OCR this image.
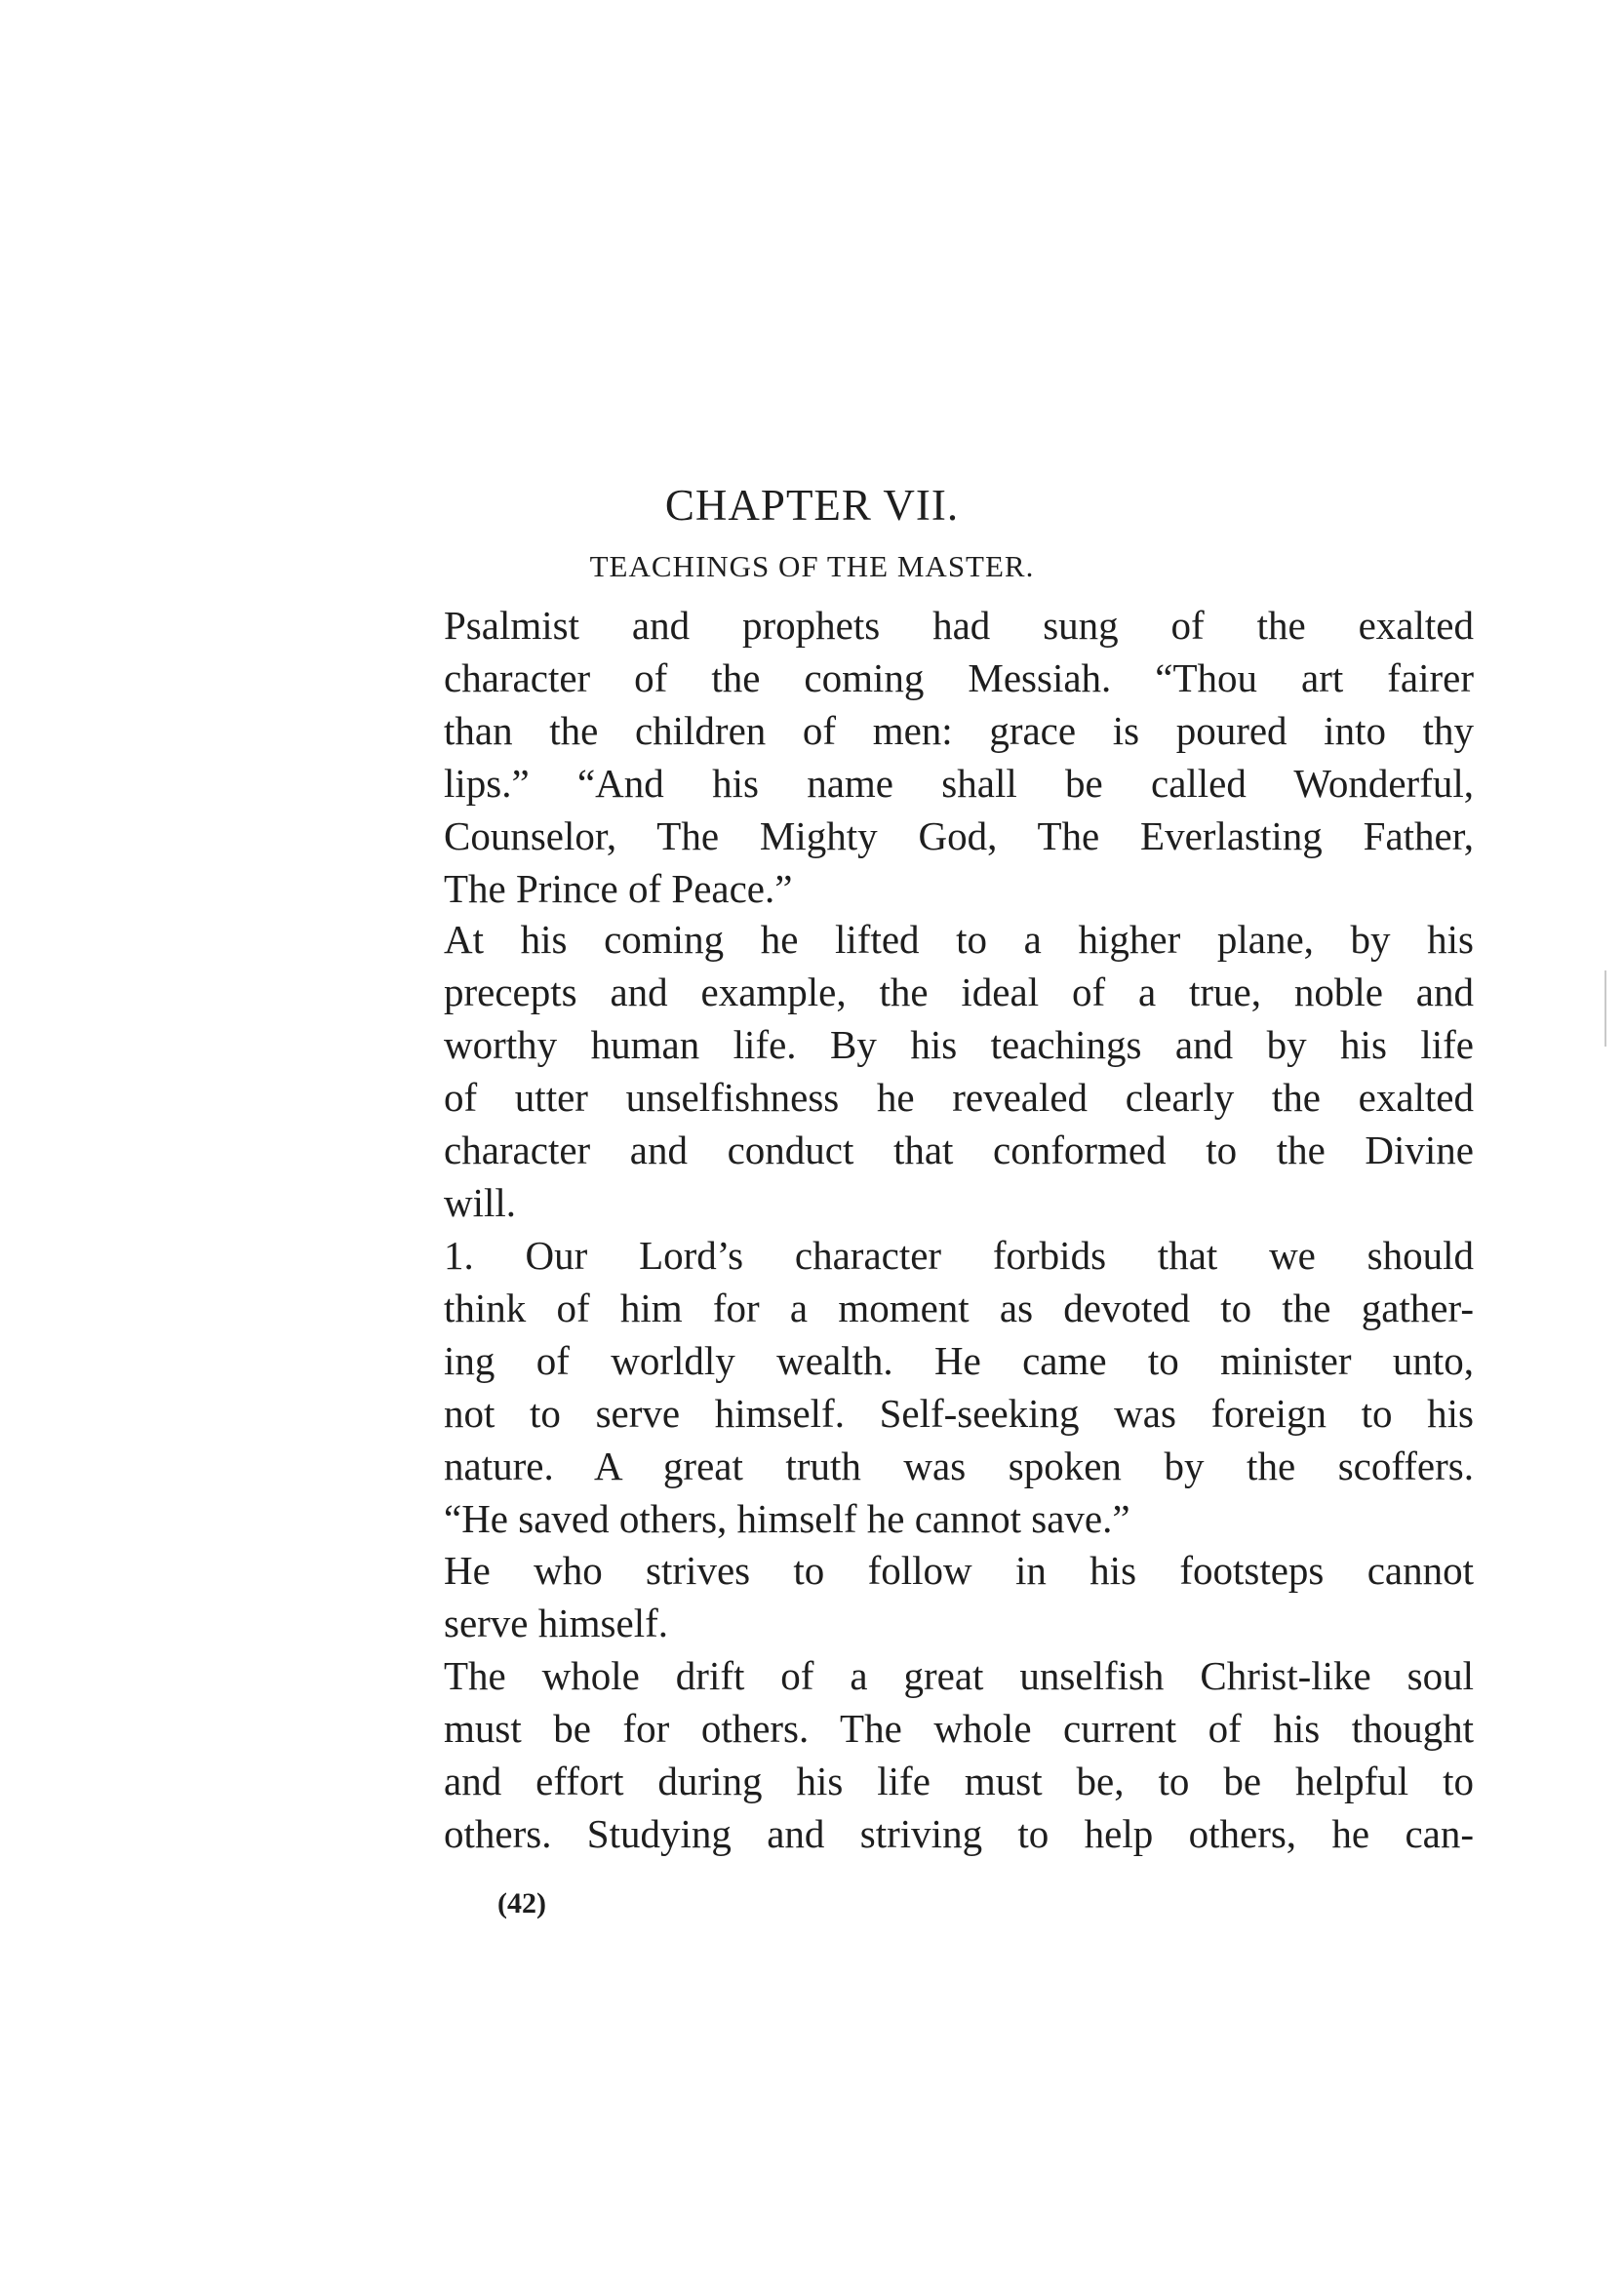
CHAPTER VII.
TEACHINGS OF THE MASTER.
Psalmist and prophets had sung of the exalted
character of the coming Messiah. “Thou art fairer
than the children of men: grace is poured into thy
lips.” “And his name shall be called Wonderful,
Counselor, The Mighty God, The Everlasting Father,
The Prince of Peace.”
At his coming he lifted to a higher plane, by his
precepts and example, the ideal of a true, noble and
worthy human life. By his teachings and by his life
of utter unselfishness he revealed clearly the exalted
character and conduct that conformed to the Divine
will.
1. Our Lord’s character forbids that we should
think of him for a moment as devoted to the gather-
ing of worldly wealth. He came to minister unto,
not to serve himself. Self-seeking was foreign to his
nature. A great truth was spoken by the scoffers.
“He saved others, himself he cannot save.”
He who strives to follow in his footsteps cannot
serve himself.
The whole drift of a great unselfish Christ-like soul
must be for others. The whole current of his thought
and effort during his life must be, to be helpful to
others. Studying and striving to help others, he can-
(42)
